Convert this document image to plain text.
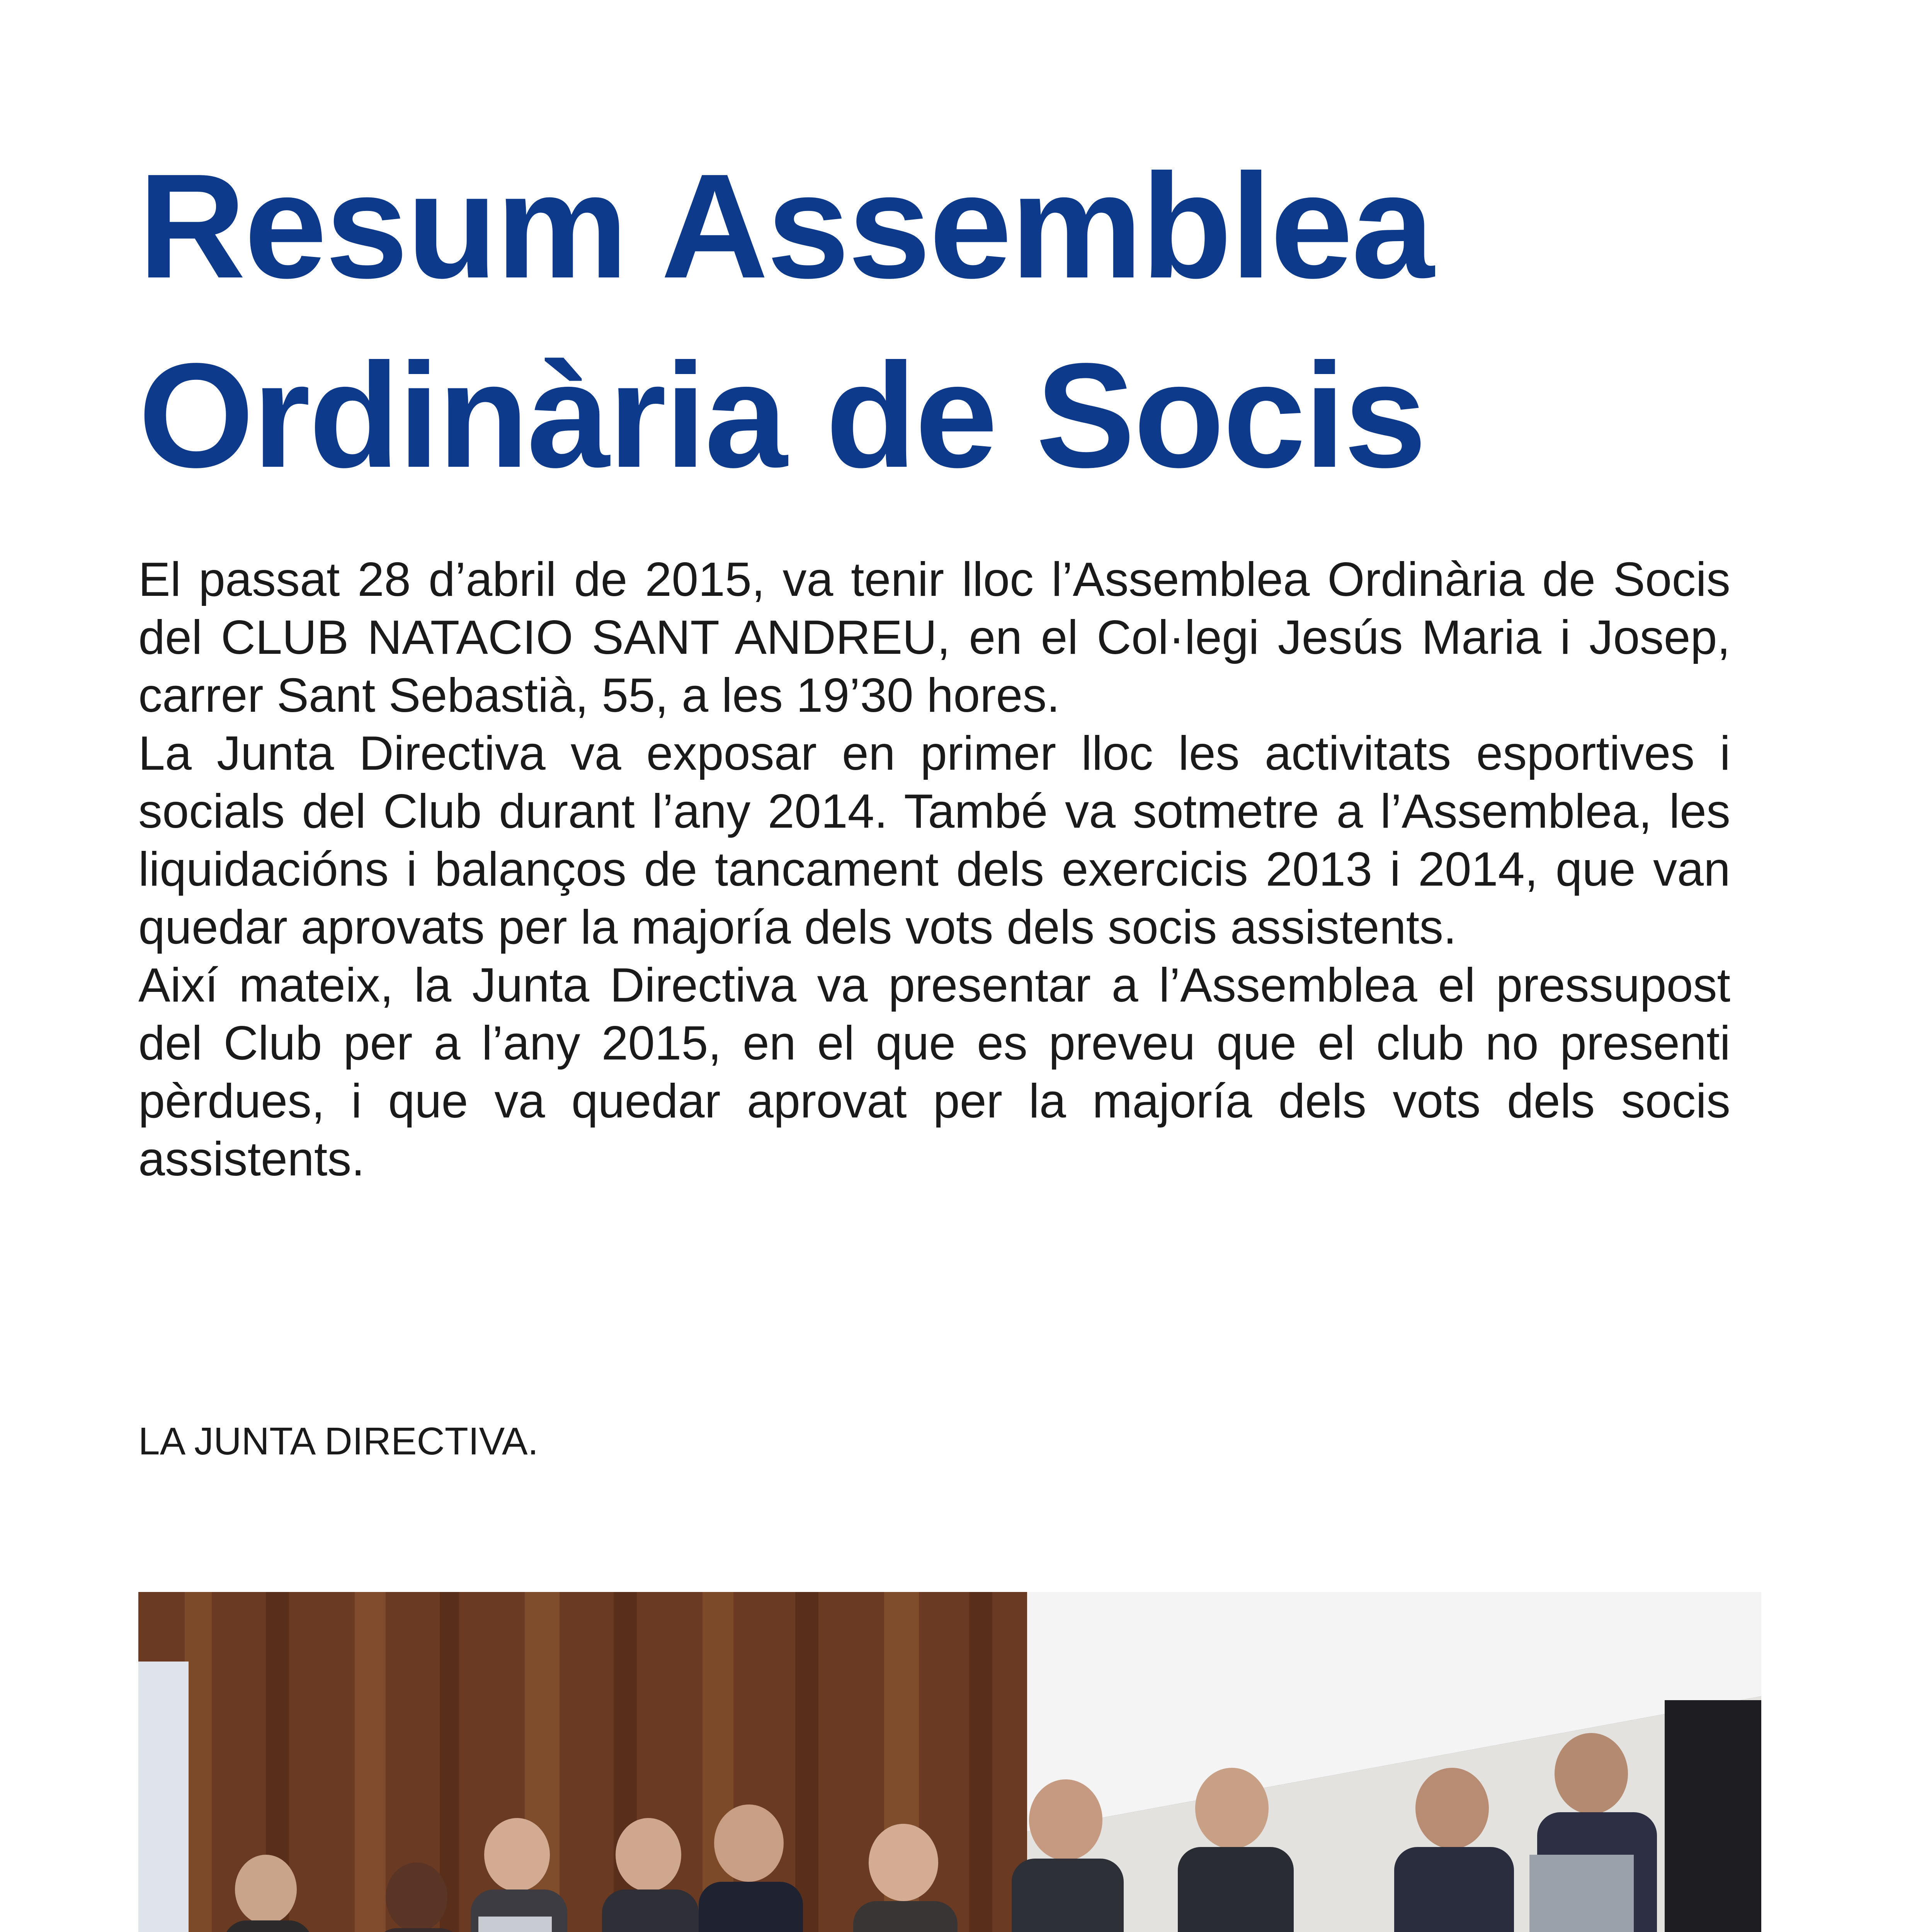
Resum Assemblea
Ordinària de Socis

El passat 28 d’abril de 2015, va tenir lloc l’Assemblea Ordinària de Socis del CLUB NATACIO SANT ANDREU, en el Col·legi Jesús Maria i Josep, carrer Sant Sebastià, 55, a les 19’30 hores.

La Junta Directiva va exposar en primer lloc les activitats esportives i socials del Club durant l’any 2014. També va sotmetre a l’Assemblea, les liquidacións i balanços de tancament dels exercicis 2013 i 2014, que van quedar aprovats per la majoría dels vots dels socis assistents.

Així mateix, la Junta Directiva va presentar a l’Assemblea el pressupost del Club per a l’any 2015, en el que es preveu que el club no presenti pèrdues, i que va quedar aprovat per la majoría dels vots dels socis assistents.

LA JUNTA DIRECTIVA.
